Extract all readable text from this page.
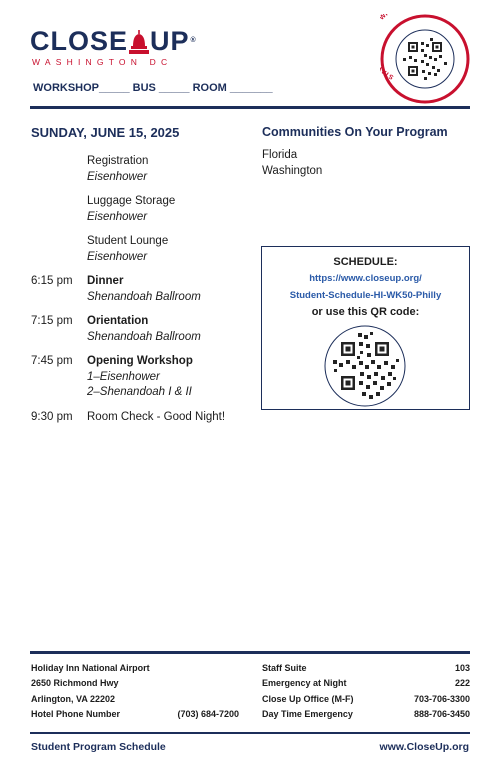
CLOSE UP ®
WASHINGTON DC
WORKSHOP_____ BUS _____ ROOM _______
STA I
SUNDAY, JUNE 15, 2025
Registration
Eisenhower
Luggage Storage
Eisenhower
Student Lounge
Eisenhower
6:15 pm	Dinner
Shenandoah Ballroom
7:15 pm	Orientation
Shenandoah Ballroom
7:45 pm	Opening Workshop
1–Eisenhower
2–Shenandoah I & II
9:30 pm	Room Check - Good Night!
Communities On Your Program
Florida
Washington
SCHEDULE:
https://www.closeup.org/
Student-Schedule-HI-WK50-Philly
or use this QR code:
Holiday Inn National Airport
2650 Richmond Hwy
Arlington, VA 22202
Hotel Phone Number	(703) 684-7200
Staff Suite	103
Emergency at Night	222
Close Up Office (M-F)	703-706-3300
Day Time Emergency	888-706-3450
Student Program Schedule	www.CloseUp.org
